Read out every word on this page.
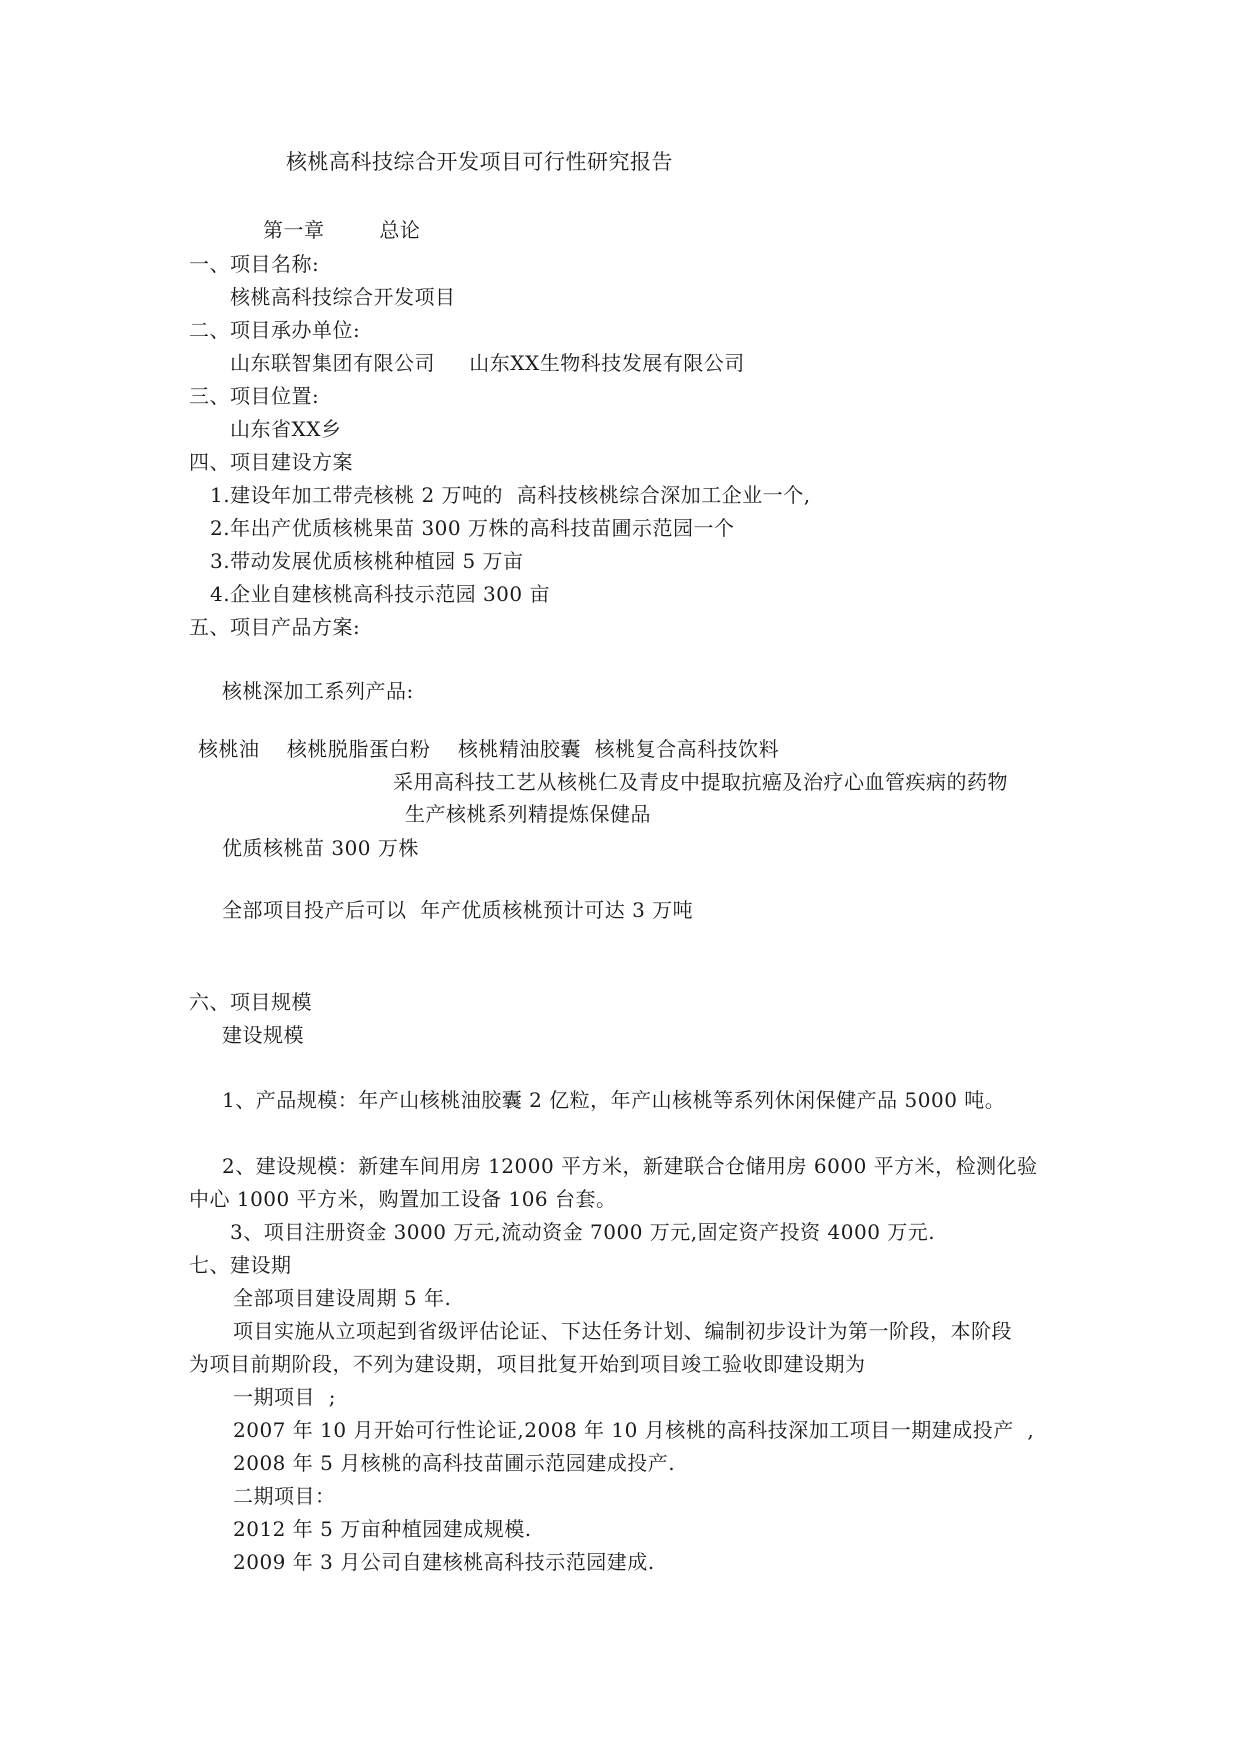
核桃高科技综合开发项目可行性研究报告
第一章        总论
一、项目名称:
核桃高科技综合开发项目
二、项目承办单位:
山东联智集团有限公司     山东XX生物科技发展有限公司
三、项目位置:
山东省XX乡
四、项目建设方案
1.建设年加工带壳核桃 2 万吨的  高科技核桃综合深加工企业一个,
2.年出产优质核桃果苗 300 万株的高科技苗圃示范园一个
3.带动发展优质核桃种植园 5 万亩
4.企业自建核桃高科技示范园 300 亩
五、项目产品方案:
核桃深加工系列产品:
核桃油    核桃脱脂蛋白粉    核桃精油胶囊  核桃复合高科技饮料
采用高科技工艺从核桃仁及青皮中提取抗癌及治疗心血管疾病的药物
生产核桃系列精提炼保健品
优质核桃苗 300 万株
全部项目投产后可以  年产优质核桃预计可达 3 万吨
六、项目规模
建设规模
1、产品规模：年产山核桃油胶囊 2 亿粒，年产山核桃等系列休闲保健产品 5000 吨。
2、建设规模：新建车间用房 12000 平方米，新建联合仓储用房 6000 平方米，检测化验
中心 1000 平方米，购置加工设备 106 台套。
3、项目注册资金 3000 万元,流动资金 7000 万元,固定资产投资 4000 万元.
七、建设期
全部项目建设周期 5 年.
项目实施从立项起到省级评估论证、下达任务计划、编制初步设计为第一阶段，本阶段
为项目前期阶段，不列为建设期，项目批复开始到项目竣工验收即建设期为
一期项目  ;
2007 年 10 月开始可行性论证,2008 年 10 月核桃的高科技深加工项目一期建成投产  ,
2008 年 5 月核桃的高科技苗圃示范园建成投产.
二期项目：
2012 年 5 万亩种植园建成规模.
2009 年 3 月公司自建核桃高科技示范园建成.
